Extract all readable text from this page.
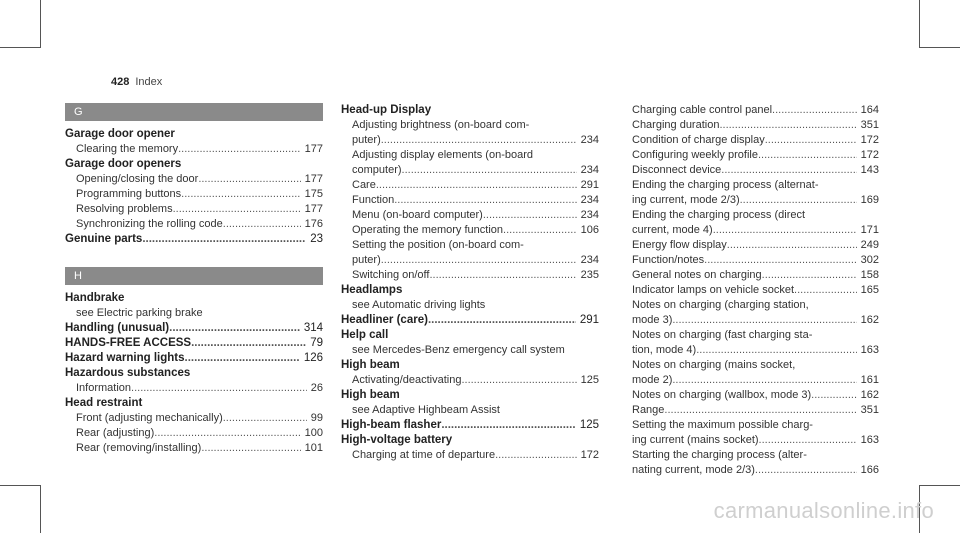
428 Index
G
Garage door opener
Clearing the memory .....	177
Garage door openers
Opening/closing the door .....	177
Programming buttons .....	175
Resolving problems .....	177
Synchronizing the rolling code .....	176
Genuine parts .....	23
H
Handbrake
see Electric parking brake
Handling (unusual) .....	314
HANDS-FREE ACCESS .....	79
Hazard warning lights .....	126
Hazardous substances
Information .....	26
Head restraint
Front (adjusting mechanically) .....	99
Rear (adjusting) .....	100
Rear (removing/installing) .....	101
Head-up Display
Adjusting brightness (on-board com-
puter) .....	234
Adjusting display elements (on-board
computer) .....	234
Care .....	291
Function .....	234
Menu (on-board computer) .....	234
Operating the memory function .....	106
Setting the position (on-board com-
puter) .....	234
Switching on/off .....	235
Headlamps
see Automatic driving lights
Headliner (care) .....	291
Help call
see Mercedes-Benz emergency call system
High beam
Activating/deactivating .....	125
High beam
see Adaptive Highbeam Assist
High-beam flasher .....	125
High-voltage battery
Charging at time of departure .....	172
Charging cable control panel .....	164
Charging duration .....	351
Condition of charge display .....	172
Configuring weekly profile .....	172
Disconnect device .....	143
Ending the charging process (alternat-
ing current, mode 2/3) .....	169
Ending the charging process (direct
current, mode 4) .....	171
Energy flow display .....	249
Function/notes .....	302
General notes on charging .....	158
Indicator lamps on vehicle socket .....	165
Notes on charging (charging station,
mode 3) .....	162
Notes on charging (fast charging sta-
tion, mode 4) .....	163
Notes on charging (mains socket,
mode 2) .....	161
Notes on charging (wallbox, mode 3) .....	162
Range .....	351
Setting the maximum possible charg-
ing current (mains socket) .....	163
Starting the charging process (alter-
nating current, mode 2/3) .....	166
carmanualsonline.info
